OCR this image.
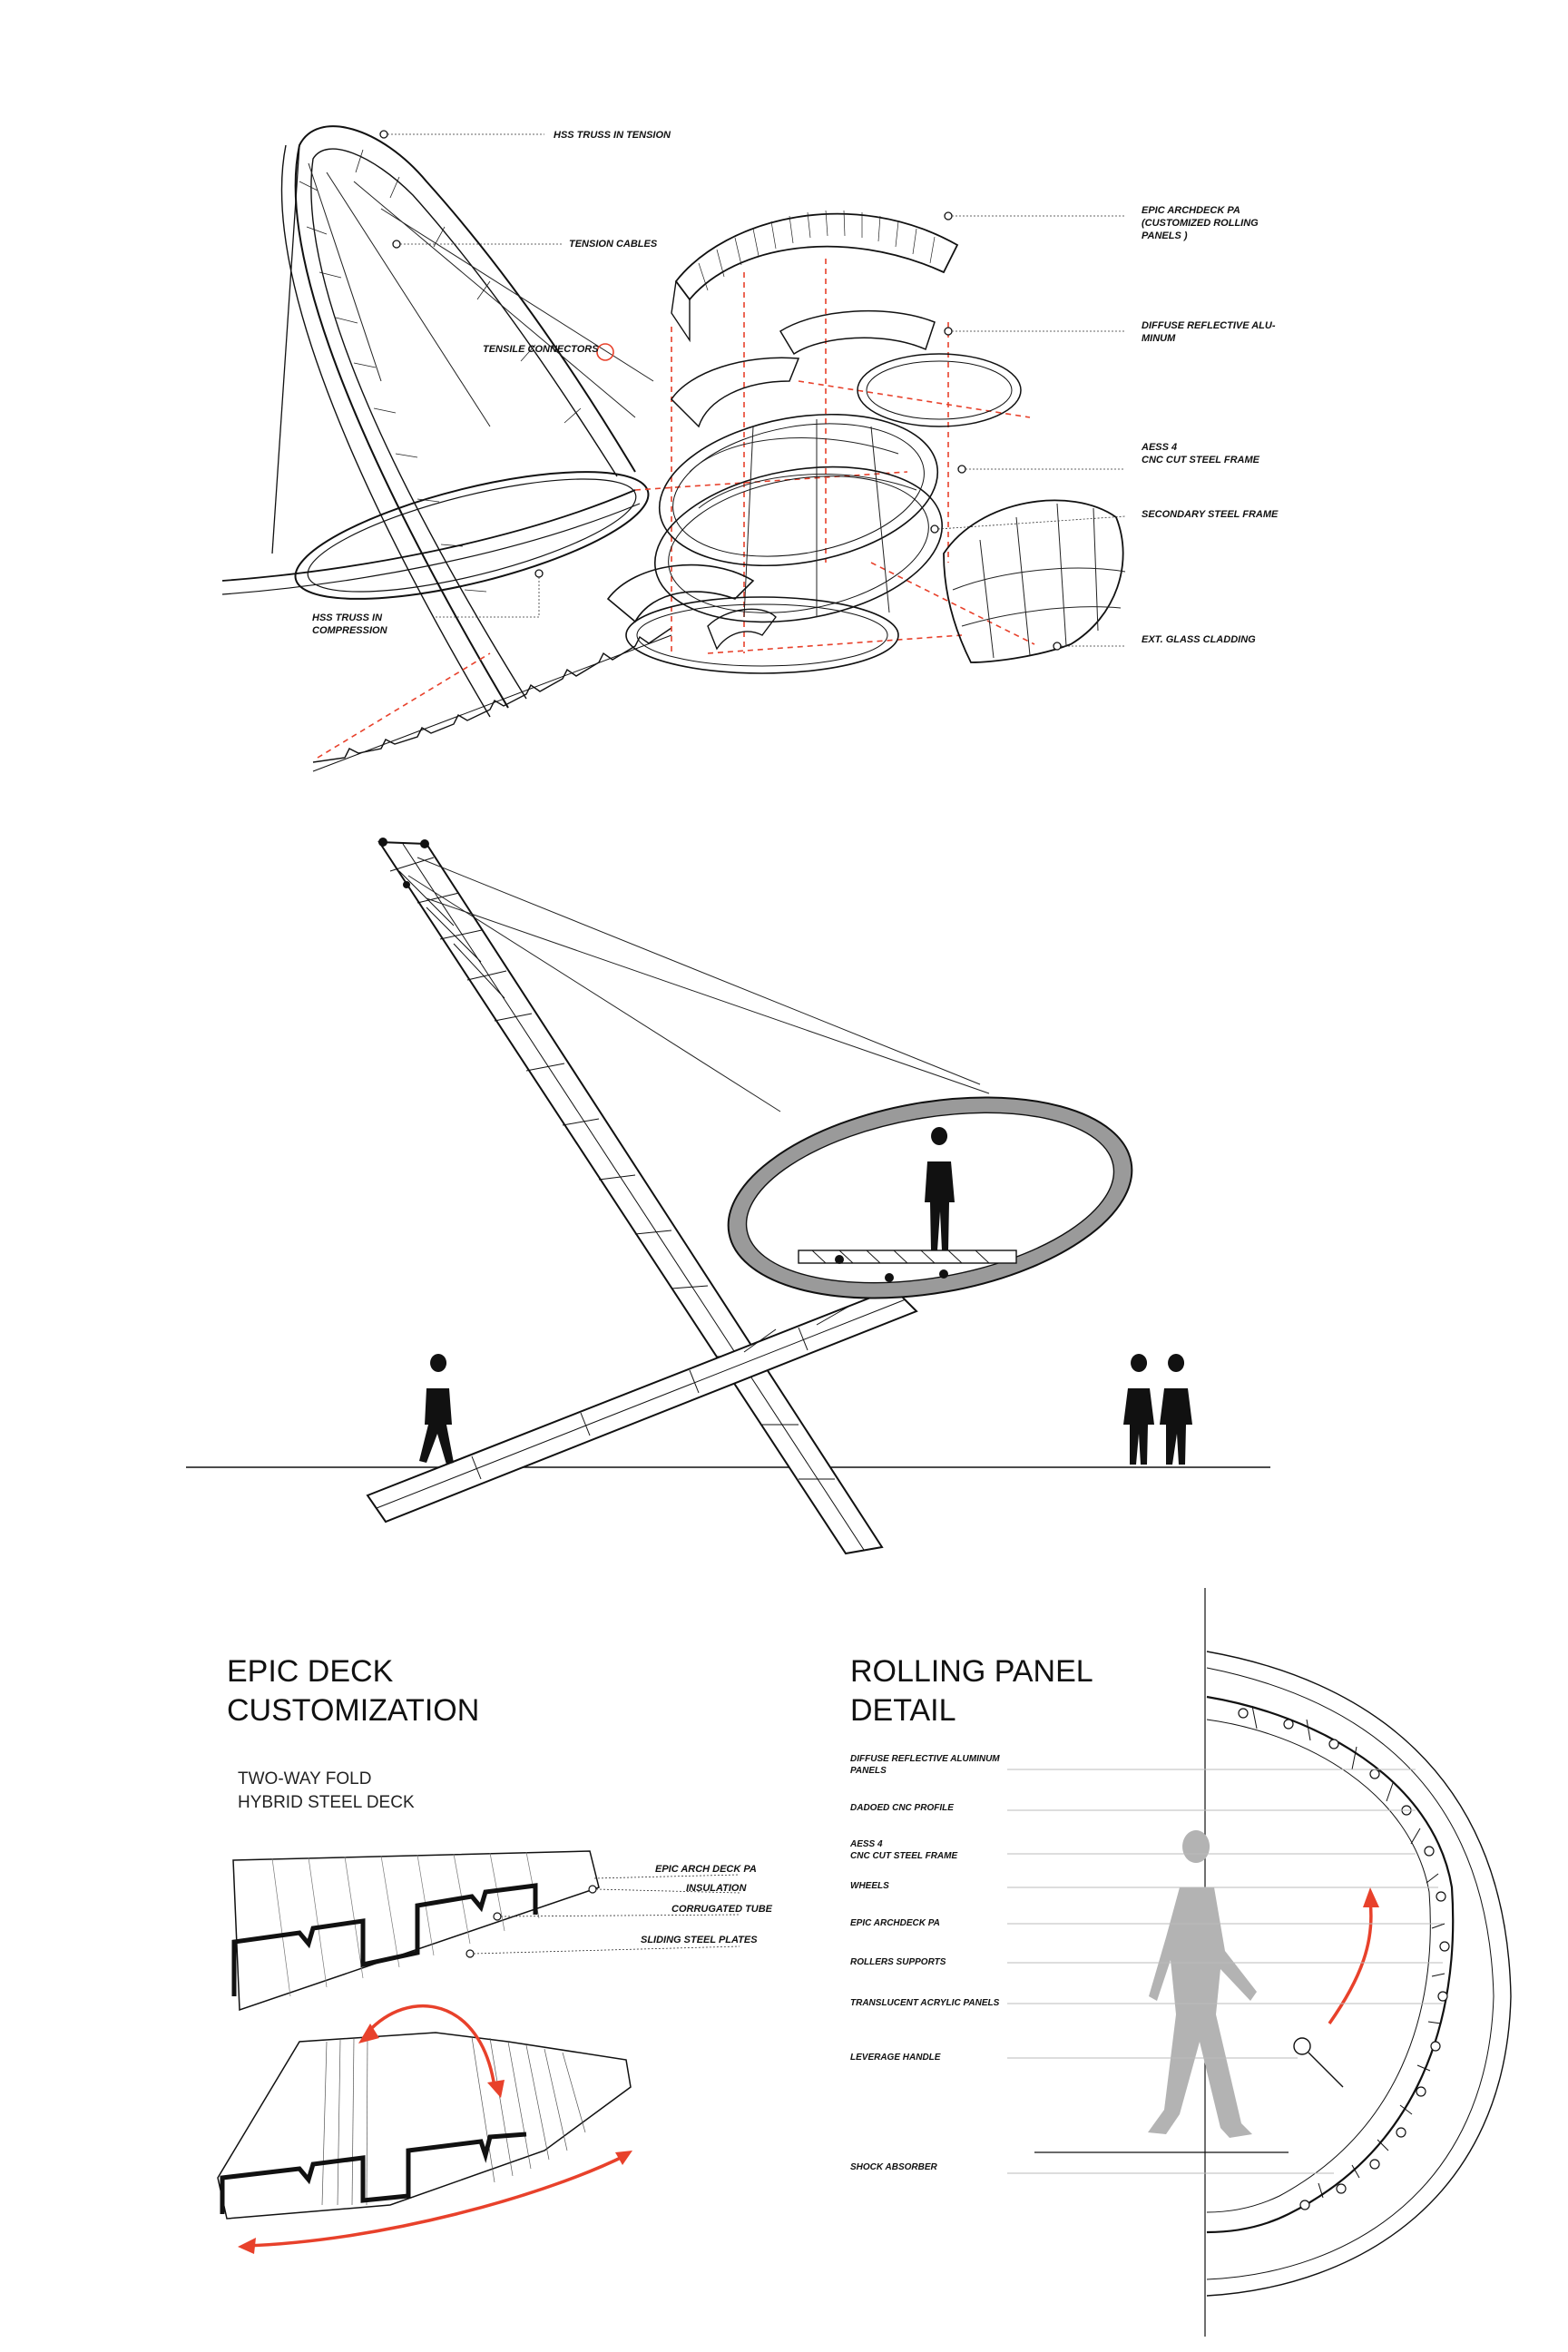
HSS TRUSS IN TENSION
TENSION CABLES
TENSILE CONNECTORS
HSS TRUSS IN
COMPRESSION
EPIC ARCHDECK PA
(CUSTOMIZED ROLLING
PANELS )
DIFFUSE REFLECTIVE ALU-
MINUM
AESS 4
CNC CUT STEEL FRAME
SECONDARY STEEL FRAME
EXT. GLASS CLADDING
EPIC DECK
CUSTOMIZATION
TWO-WAY FOLD
HYBRID STEEL DECK
EPIC ARCH DECK PA
INSULATION
CORRUGATED TUBE
SLIDING STEEL PLATES
ROLLING PANEL
DETAIL
DIFFUSE REFLECTIVE ALUMINUM
PANELS
DADOED CNC PROFILE
AESS 4
CNC CUT STEEL FRAME
WHEELS
EPIC ARCHDECK PA
ROLLERS SUPPORTS
TRANSLUCENT ACRYLIC PANELS
LEVERAGE HANDLE
SHOCK ABSORBER
